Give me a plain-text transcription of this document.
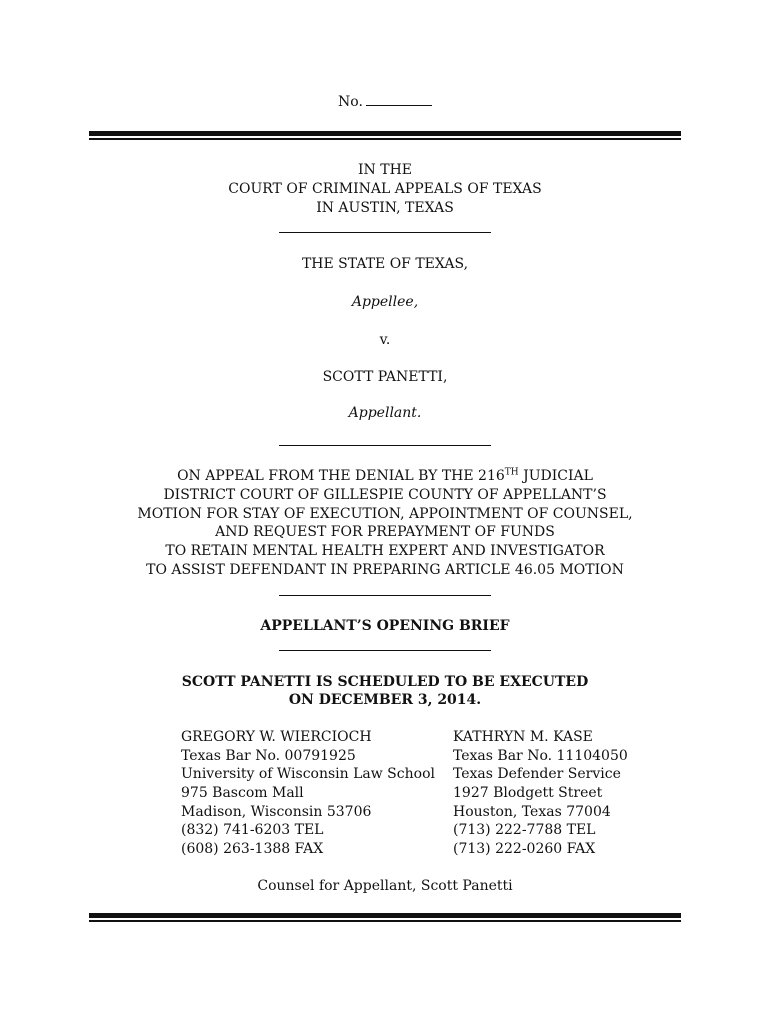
No.
IN THE
COURT OF CRIMINAL APPEALS OF TEXAS
IN AUSTIN, TEXAS
THE STATE OF TEXAS,
Appellee,
v.
SCOTT PANETTI,
Appellant.
ON APPEAL FROM THE DENIAL BY THE 216TH JUDICIAL
DISTRICT COURT OF GILLESPIE COUNTY OF APPELLANT’S
MOTION FOR STAY OF EXECUTION, APPOINTMENT OF COUNSEL,
AND REQUEST FOR PREPAYMENT OF FUNDS
TO RETAIN MENTAL HEALTH EXPERT AND INVESTIGATOR
TO ASSIST DEFENDANT IN PREPARING ARTICLE 46.05 MOTION
APPELLANT’S OPENING BRIEF
SCOTT PANETTI IS SCHEDULED TO BE EXECUTED
ON DECEMBER 3, 2014.
GREGORY W. WIERCIOCH
Texas Bar No. 00791925
University of Wisconsin Law School
975 Bascom Mall
Madison, Wisconsin 53706
(832) 741-6203 TEL
(608) 263-1388 FAX
KATHRYN M. KASE
Texas Bar No. 11104050
Texas Defender Service
1927 Blodgett Street
Houston, Texas 77004
(713) 222-7788 TEL
(713) 222-0260 FAX
Counsel for Appellant, Scott Panetti
